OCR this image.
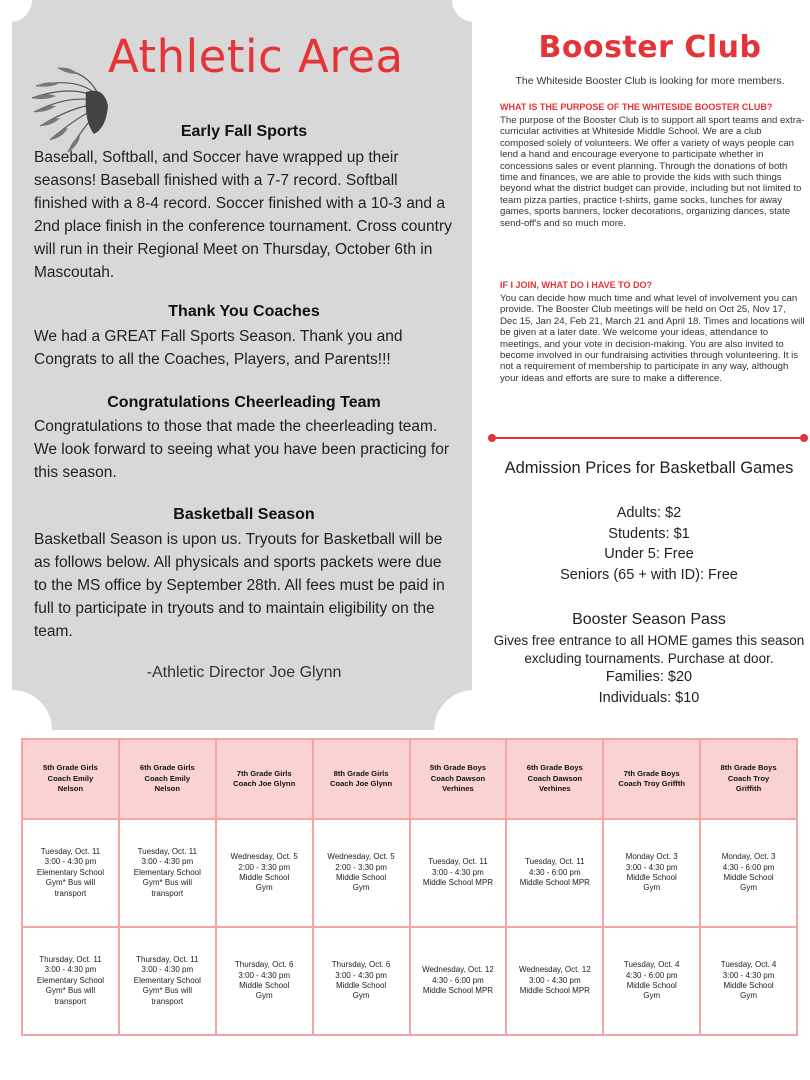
Athletic Area
Early Fall Sports
Baseball, Softball, and Soccer have wrapped up their seasons! Baseball finished with a 7-7 record. Softball finished with a 8-4 record. Soccer finished with a 10-3 and a 2nd place finish in the conference tournament. Cross country will run in their Regional Meet on Thursday, October 6th in Mascoutah.
Thank You Coaches
We had a GREAT Fall Sports Season. Thank you and Congrats to all the Coaches, Players, and Parents!!!
Congratulations Cheerleading Team
Congratulations to those that made the cheerleading team. We look forward to seeing what you have been practicing for this season.
Basketball Season
Basketball Season is upon us. Tryouts for Basketball will be as follows below. All physicals and sports packets were due to the MS office by September 28th. All fees must be paid in full to participate in tryouts and to maintain eligibility on the team.
-Athletic Director Joe Glynn
Booster Club
The Whiteside Booster Club is looking for more members.
WHAT IS THE PURPOSE OF THE WHITESIDE BOOSTER CLUB?
The purpose of the Booster Club is to support all sport teams and extra-curricular activities at Whiteside Middle School. We are a club composed solely of volunteers. We offer a variety of ways people can lend a hand and encourage everyone to participate whether in concessions sales or event planning. Through the donations of both time and finances, we are able to provide the kids with such things beyond what the district budget can provide, including but not limited to team pizza parties, practice t-shirts, game socks, lunches for away games, sports banners, locker decorations, organizing dances, state send-off's and so much more.
IF I JOIN, WHAT DO I HAVE TO DO?
You can decide how much time and what level of involvement you can provide. The Booster Club meetings will be held on Oct 25, Nov 17, Dec 15, Jan 24, Feb 21, March 21 and April 18. Times and locations will be given at a later date. We welcome your ideas, attendance to meetings, and your vote in decision-making. You are also invited to become involved in our fundraising activities through volunteering. It is not a requirement of membership to participate in any way, although your ideas and efforts are sure to make a difference.
Admission Prices for Basketball Games
Adults: $2
Students: $1
Under 5: Free
Seniors (65 + with ID): Free
Booster Season Pass
Gives free entrance to all HOME games this season excluding tournaments. Purchase at door.
Families: $20
Individuals: $10
5th Grade Girls
Coach Emily
Nelson	6th Grade Girls
Coach Emily
Nelson	7th Grade Girls
Coach Joe Glynn	8th Grade Girls
Coach Joe Glynn	5th Grade Boys
Coach Dawson
Verhines	6th Grade Boys
Coach Dawson
Verhines	7th Grade Boys
Coach Troy Griffth	8th Grade Boys
Coach Troy
Griffith

Tuesday, Oct. 11
3:00 - 4:30 pm
Elementary School
Gym* Bus will
transport	Tuesday, Oct. 11
3:00 - 4:30 pm
Elementary School
Gym* Bus will
transport	Wednesday, Oct. 5
2:00 - 3:30 pm
Middle School
Gym	Wednesday, Oct. 5
2:00 - 3:30 pm
Middle School
Gym	Tuesday, Oct. 11
3:00 - 4:30 pm
Middle School MPR	Tuesday, Oct. 11
4:30 - 6:00 pm
Middle School MPR	Monday Oct. 3
3:00 - 4:30 pm
Middle School
Gym	Monday, Oct. 3
4:30 - 6:00 pm
Middle School
Gym

Thursday, Oct. 11
3:00 - 4:30 pm
Elementary School
Gym* Bus will
transport	Thursday, Oct. 11
3:00 - 4:30 pm
Elementary School
Gym* Bus will
transport	Thursday, Oct. 6
3:00 - 4:30 pm
Middle School
Gym	Thursday, Oct. 6
3:00 - 4:30 pm
Middle School
Gym	Wednesday, Oct. 12
4:30 - 6:00 pm
Middle School MPR	Wednesday, Oct. 12
3:00 - 4:30 pm
Middle School MPR	Tuesday, Oct. 4
4:30 - 6:00 pm
Middle School
Gym	Tuesday, Oct. 4
3:00 - 4:30 pm
Middle School
Gym
